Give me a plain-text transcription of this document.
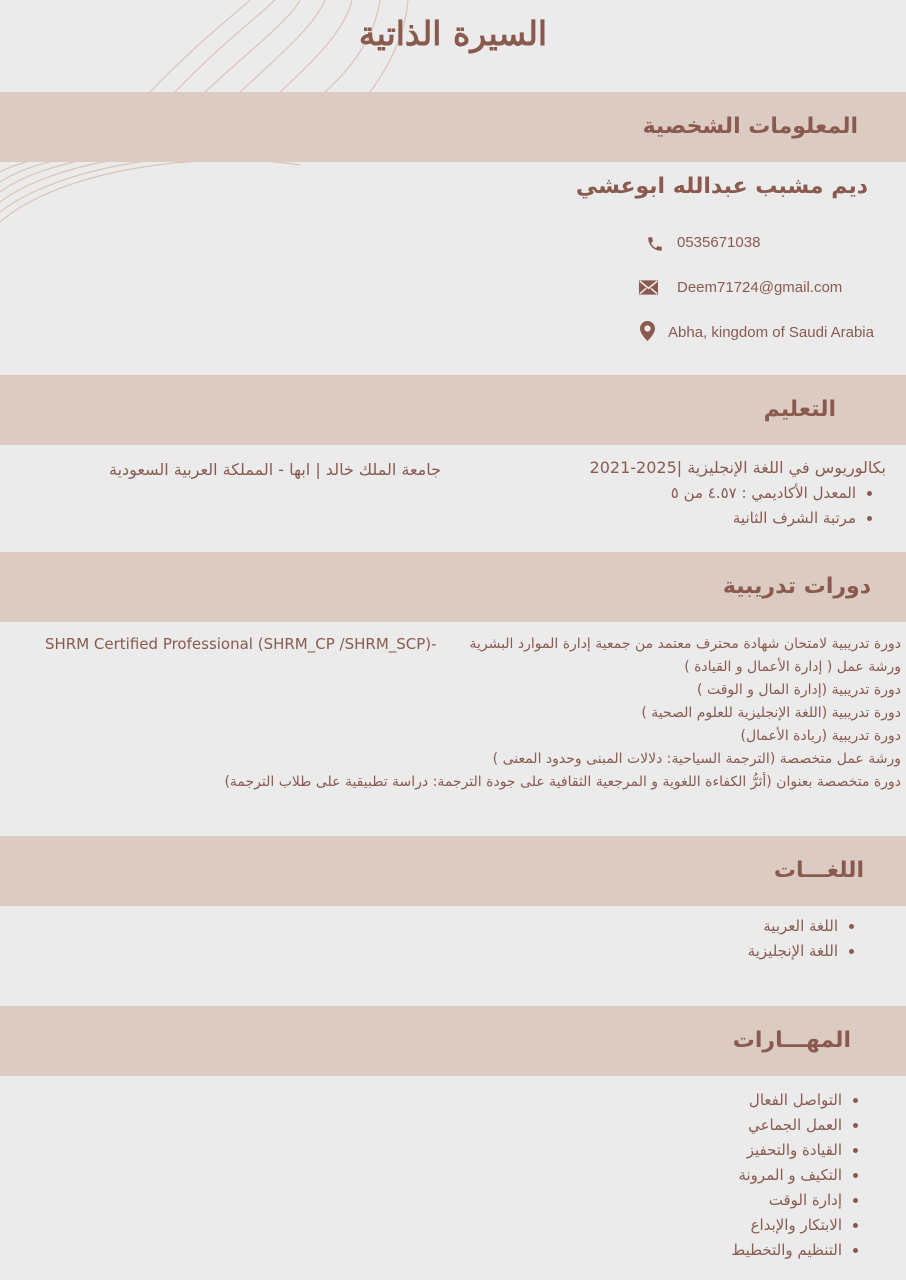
السيرة الذاتية
المعلومات الشخصية
ديم مشبب عبدالله ابوعشي
0535671038
Deem71724@gmail.com
Abha, kingdom of Saudi Arabia
التعليم
بكالوريوس في اللغة الإنجليزية |2025-2021
جامعة الملك خالد | ابها - المملكة العربية السعودية
المعدل الأكاديمي : ٤.٥٧ من ٥
مرتبة الشرف الثانية
دورات تدريبية
دورة تدريبية لامتحان شهادة محترف معتمد من جمعية إدارة الموارد البشرية
SHRM Certified Professional (SHRM_CP /SHRM_SCP)-
ورشة عمل ( إدارة الأعمال و القيادة )
دورة تدريبية (إدارة المال و الوقت )
دورة تدريبية (اللغة الإنجليزية للعلوم الصحية )
دورة تدريبية (ريادة الأعمال)
ورشة عمل متخصصة (الترجمة السياحية: دلالات المبنى وحدود المعنى )
دورة متخصصة بعنوان (أثرُّ الكفاءة اللغوية و المرجعية الثقافية على جودة الترجمة: دراسة تطبيقية على طلاب الترجمة)
اللغـــات
اللغة العربية
اللغة الإنجليزية
المهـــارات
التواصل الفعال
العمل الجماعي
القيادة والتحفيز
التكيف و المرونة
إدارة الوقت
الابتكار والإبداع
التنظيم والتخطيط
